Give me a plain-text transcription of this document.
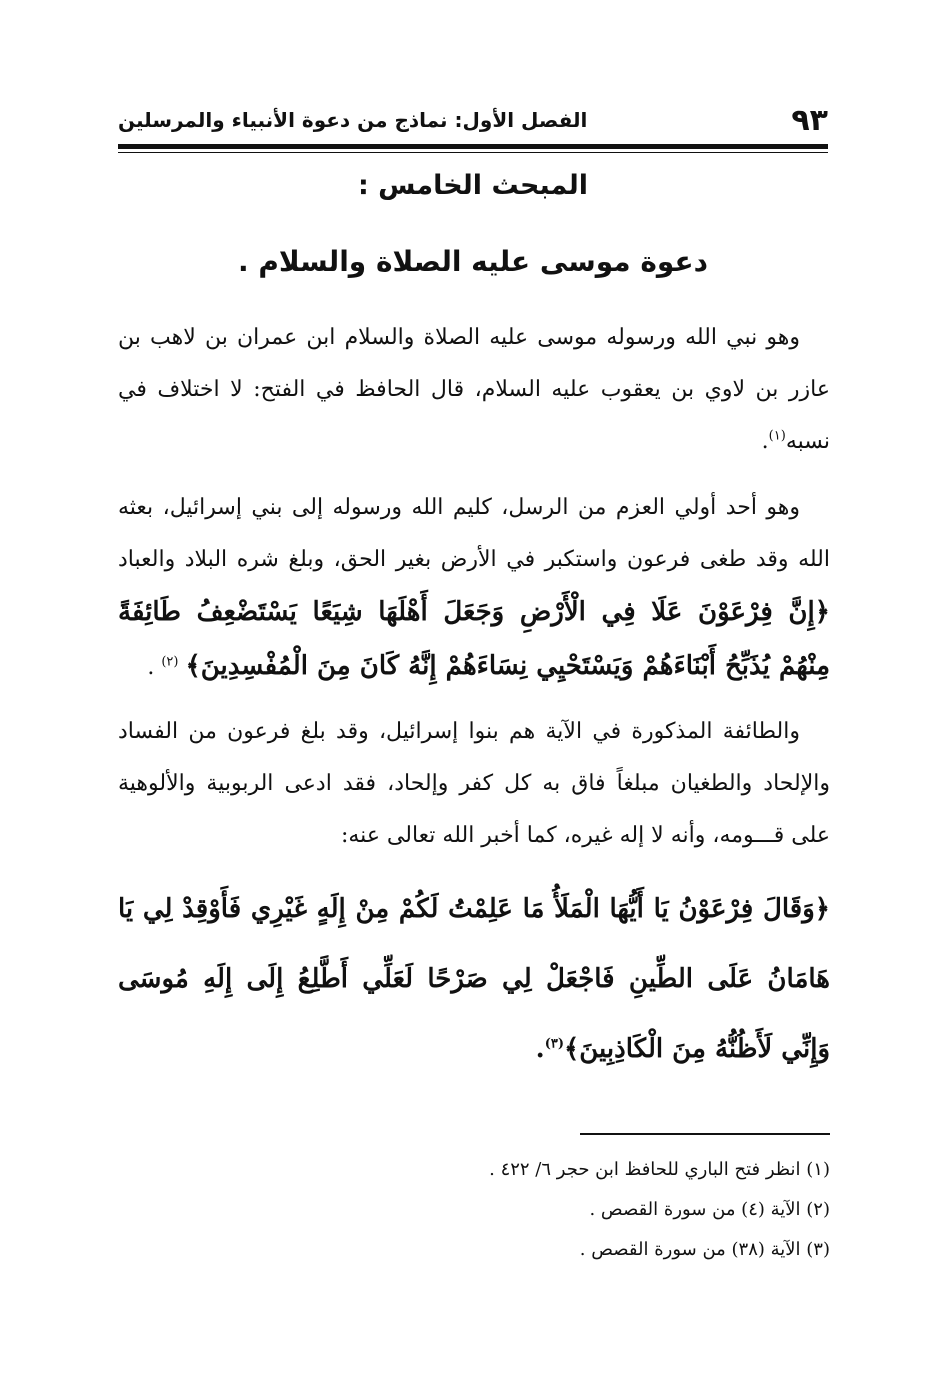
٩٣
الفصل الأول: نماذج من دعوة الأنبياء والمرسلين
المبحث الخامس :
دعوة موسى عليه الصلاة والسلام .

وهو نبي الله ورسوله موسى عليه الصلاة والسلام ابن عمران بن لاهب بن عازر بن لاوي بن يعقوب عليه السلام، قال الحافظ في الفتح: لا اختلاف في نسبه$^{(١)}$.

وهو أحد أولي العزم من الرسل، كليم الله ورسوله إلى بني إسرائيل، بعثه الله وقد طغى فرعون واستكبر في الأرض بغير الحق، وبلغ شره البلاد والعباد ﴿إِنَّ فِرْعَوْنَ عَلَا فِي الْأَرْضِ وَجَعَلَ أَهْلَهَا شِيَعًا يَسْتَضْعِفُ طَائِفَةً مِنْهُمْ يُذَبِّحُ أَبْنَاءَهُمْ وَيَسْتَحْيِي نِسَاءَهُمْ إِنَّهُ كَانَ مِنَ الْمُفْسِدِينَ﴾ $^{(٢)}$ .

والطائفة المذكورة في الآية هم بنوا إسرائيل، وقد بلغ فرعون من الفساد والإلحاد والطغيان مبلغاً فاق به كل كفر وإلحاد، فقد ادعى الربوبية والألوهية على قـــومه، وأنه لا إله غيره، كما أخبر الله تعالى عنه:

﴿وَقَالَ فِرْعَوْنُ يَا أَيُّهَا الْمَلَأُ مَا عَلِمْتُ لَكُمْ مِنْ إِلَهٍ غَيْرِي فَأَوْقِدْ لِي يَا هَامَانُ عَلَى الطِّينِ فَاجْعَلْ لِي صَرْحًا لَعَلِّي أَطَّلِعُ إِلَى إِلَهِ مُوسَى وَإِنِّي لَأَظُنُّهُ مِنَ الْكَاذِبِينَ﴾$^{(٣)}$.

(١) انظر فتح الباري للحافظ ابن حجر ٦/ ٤٢٢ .

(٢) الآية (٤) من سورة القصص .

(٣) الآية (٣٨) من سورة القصص .
